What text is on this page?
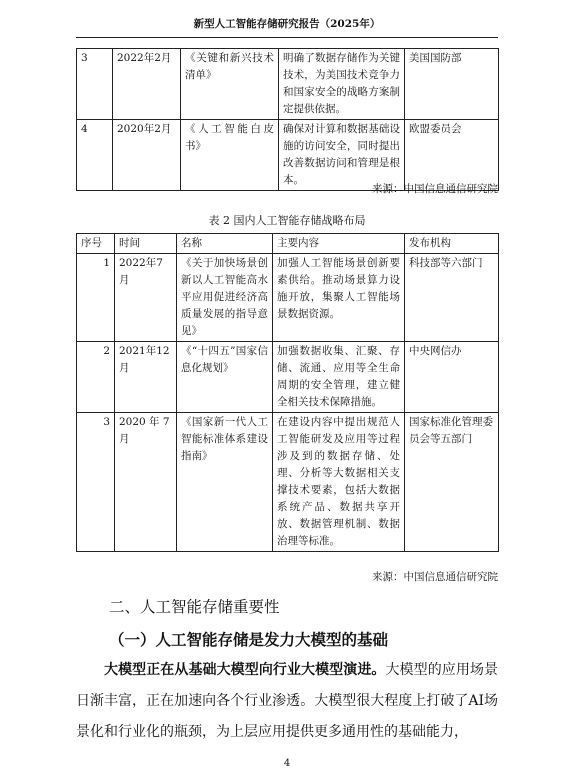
新型人工智能存储研究报告（2025年）
3	2022年2月	《关键和新兴技术清单》	明确了数据存储作为关键技术，为美国技术竞争力和国家安全的战略方案制定提供依据。	美国国防部
4	2020年2月	《人工智能白皮书》	确保对计算和数据基础设施的访问安全，同时提出改善数据访问和管理是根本。	欧盟委员会
来源：中国信息通信研究院
表 2 国内人工智能存储战略布局
序号	时间	名称	主要内容	发布机构
1	2022年7月	《关于加快场景创新以人工智能高水平应用促进经济高质量发展的指导意见》	加强人工智能场景创新要素供给。推动场景算力设施开放，集聚人工智能场景数据资源。	科技部等六部门
2	2021年12月	《“十四五”国家信息化规划》	加强数据收集、汇聚、存储、流通、应用等全生命周期的安全管理，建立健全相关技术保障措施。	中央网信办
3	2020 年 7月	《国家新一代人工智能标准体系建设指南》	在建设内容中提出规范人工智能研发及应用等过程涉及到的数据存储、处理、分析等大数据相关支撑技术要素，包括大数据 系统产品、数据共享开放、数据管理机制、数据治理等标准。	国家标准化管理委员会等五部门
来源：中国信息通信研究院
二、人工智能存储重要性
（一）人工智能存储是发力大模型的基础

大模型正在从基础大模型向行业大模型演进。大模型的应用场景日渐丰富，正在加速向各个行业渗透。大模型很大程度上打破了AI场景化和行业化的瓶颈，为上层应用提供更多通用性的基础能力，

4
